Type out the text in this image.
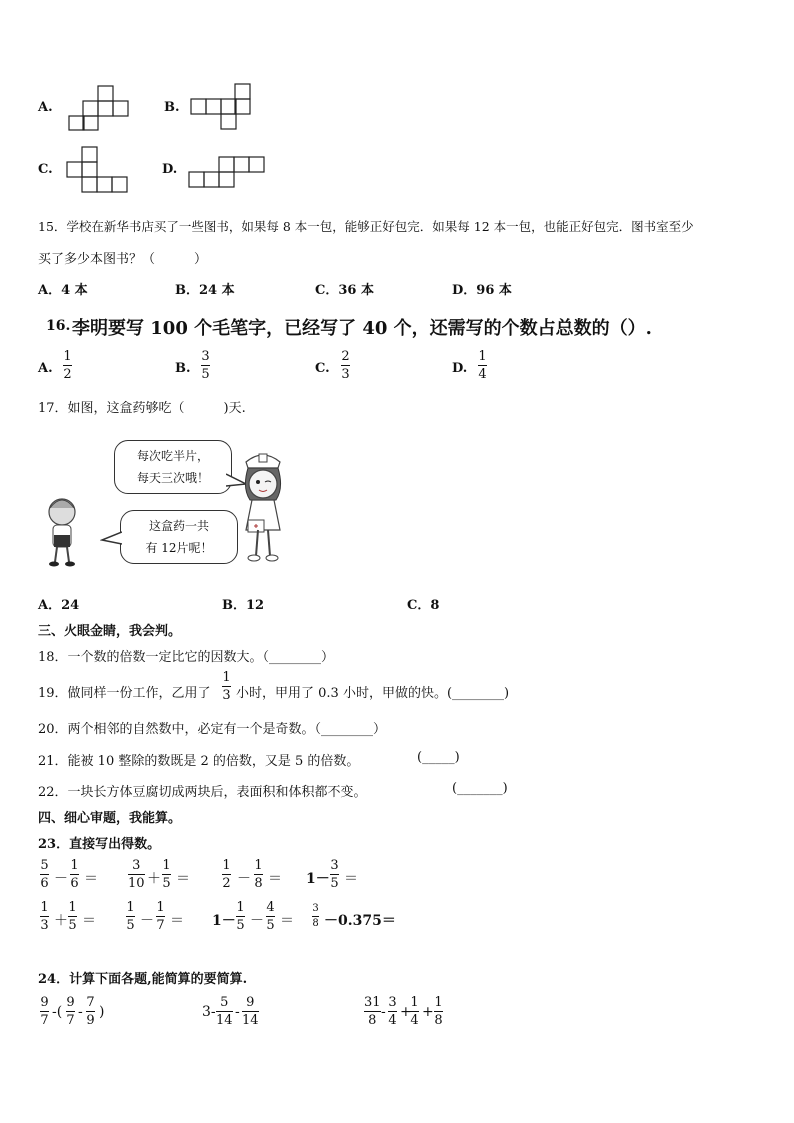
A.	B.
C.	D.
15．学校在新华书店买了一些图书，如果每 8 本一包，能够正好包完．如果每 12 本一包，也能正好包完．图书室至少
买了多少本图书？（　　　）
A．4 本	B．24 本	C．36 本	D．96 本
16. 李明要写 100 个毛笔字，已经写了 40 个，还需写的个数占总数的（）.
A.
1
2	B.
3
5	C.
2
3	D.
1
4
17．如图，这盒药够吃（　　　)天.
每次吃半片，
每天三次哦！
这盒药一共
有 12片呢！
A．24	B．12	C．8
三、火眼金睛，我会判。
18．一个数的倍数一定比它的因数大。（________）
19．做同样一份工作，乙用了
1
3 小时，甲用了 0.3 小时，甲做的快。(________)
20．两个相邻的自然数中，必定有一个是奇数。（________）
21．能被 10 整除的数既是 2 的倍数，又是 5 的倍数。	(_____)
22．一块长方体豆腐切成两块后，表面积和体积都不变。	(_______)
四、细心审题，我能算。
23．直接写出得数。
5
6 －
1
6 ＝
3
10 ＋
1
5 ＝
1
2 －
1
8 ＝ 1－
3
5 ＝
1
3 ＋
1
5 ＝
1
5 －
1
7 ＝ 1－
1
5 －
4
5 ＝
3
8 －0.375＝
24．计算下面各题,能简算的要简算.
9
7
-(
9
7
-
7
9
)	3-
5
14
-
9
14
31
8
-
3
4
+
1
4
+
1
8
